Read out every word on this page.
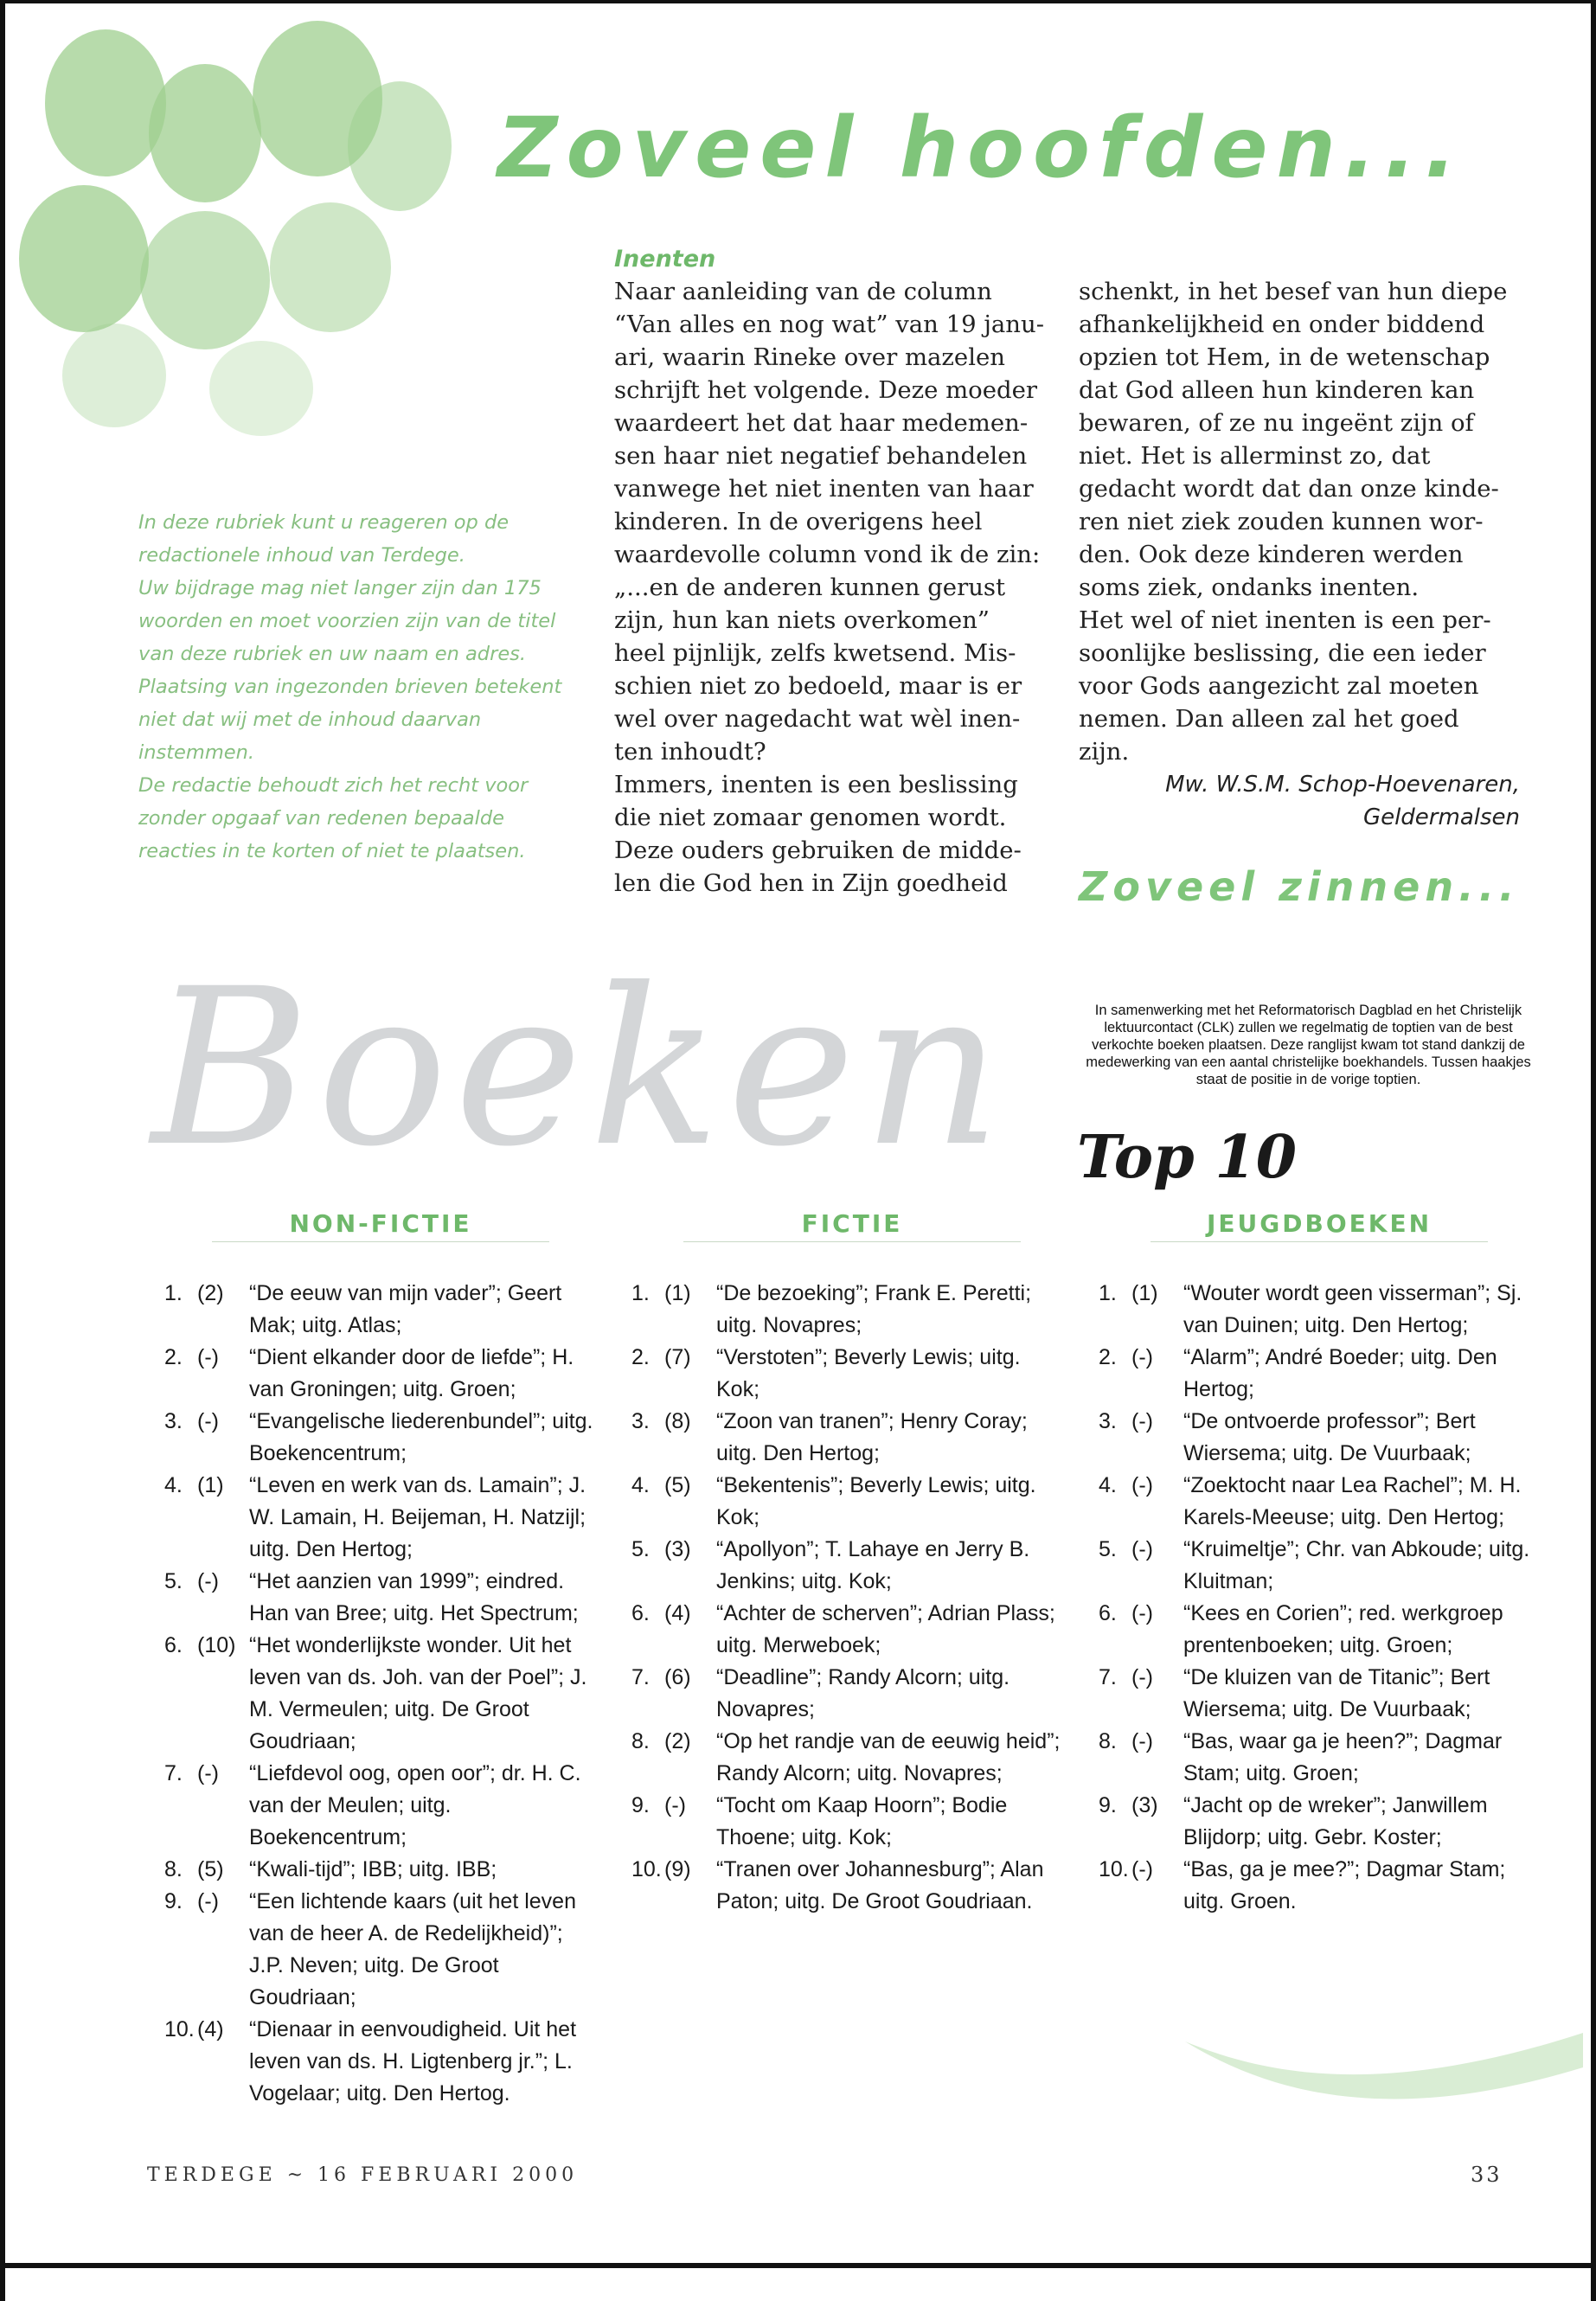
Zoveel hoofden...

In deze rubriek kunt u reageren op de redactionele inhoud van Terdege.

Uw bijdrage mag niet langer zijn dan 175 woorden en moet voorzien zijn van de titel van deze rubriek en uw naam en adres.

Plaatsing van ingezonden brieven betekent niet dat wij met de inhoud daarvan instemmen.

De redactie behoudt zich het recht voor zonder opgaaf van redenen bepaalde reacties in te korten of niet te plaatsen.

Inenten
Naar aanleiding van de column
“Van alles en nog wat” van 19 janu-
ari, waarin Rineke over mazelen
schrijft het volgende. Deze moeder
waardeert het dat haar medemen-
sen haar niet negatief behandelen
vanwege het niet inenten van haar
kinderen. In de overigens heel
waardevolle column vond ik de zin:
„...en de anderen kunnen gerust
zijn, hun kan niets overkomen”
heel pijnlijk, zelfs kwetsend. Mis-
schien niet zo bedoeld, maar is er
wel over nagedacht wat wèl inen-
ten inhoudt?
Immers, inenten is een beslissing
die niet zomaar genomen wordt.
Deze ouders gebruiken de midde-
len die God hen in Zijn goedheid
schenkt, in het besef van hun diepe
afhankelijkheid en onder biddend
opzien tot Hem, in de wetenschap
dat God alleen hun kinderen kan
bewaren, of ze nu ingeënt zijn of
niet. Het is allerminst zo, dat
gedacht wordt dat dan onze kinde-
ren niet ziek zouden kunnen wor-
den. Ook deze kinderen werden
soms ziek, ondanks inenten.
Het wel of niet inenten is een per-
soonlijke beslissing, die een ieder
voor Gods aangezicht zal moeten
nemen. Dan alleen zal het goed
zijn.
Mw. W.S.M. Schop-Hoevenaren,
Geldermalsen
Zoveel zinnen...
Boeken Top 10
In samenwerking met het Reformatorisch Dagblad en het Christelijk lektuurcontact (CLK) zullen we regelmatig de toptien van de best verkochte boeken plaatsen. Deze ranglijst kwam tot stand dankzij de medewerking van een aantal christelijke boekhandels. Tussen haakjes staat de positie in de vorige toptien.
NON-FICTIE	FICTIE	JEUGDBOEKEN
1. (2)	“De eeuw van mijn vader”; Geert Mak; uitg. Atlas;
2. (-)	“Dient elkander door de liefde”; H. van Groningen; uitg. Groen;
3. (-)	“Evangelische liederenbundel”; uitg. Boekencentrum;
4. (1)	“Leven en werk van ds. Lamain”; J. W. Lamain, H. Beijeman, H. Natzijl; uitg. Den Hertog;
5. (-)	“Het aanzien van 1999”; eindred. Han van Bree; uitg. Het Spectrum;
6. (10) “Het wonderlijkste wonder. Uit het leven van ds. Joh. van der Poel”; J. M. Vermeulen; uitg. De Groot Goudriaan;
7. (-)	“Liefdevol oog, open oor”; dr. H. C. van der Meulen; uitg. Boekencentrum;
8. (5)	“Kwali-tijd”; IBB; uitg. IBB;
9. (-)	“Een lichtende kaars (uit het leven van de heer A. de Redelijkheid)”; J.P. Neven; uitg. De Groot Goudriaan;
10. (4)	“Dienaar in eenvoudigheid. Uit het leven van ds. H. Ligtenberg jr.”; L. Vogelaar; uitg. Den Hertog.
1. (1)	“De bezoeking”; Frank E. Peretti; uitg. Novapres;
2. (7)	“Verstoten”; Beverly Lewis; uitg. Kok;
3. (8)	“Zoon van tranen”; Henry Coray; uitg. Den Hertog;
4. (5)	“Bekentenis”; Beverly Lewis; uitg. Kok;
5. (3)	“Apollyon”; T. Lahaye en Jerry B. Jenkins; uitg. Kok;
6. (4)	“Achter de scherven”; Adrian Plass; uitg. Merweboek;
7. (6)	“Deadline”; Randy Alcorn; uitg. Novapres;
8. (2)	“Op het randje van de eeuwig heid”; Randy Alcorn; uitg. Novapres;
9. (-)	“Tocht om Kaap Hoorn”; Bodie Thoene; uitg. Kok;
10. (9)	“Tranen over Johannesburg”; Alan Paton; uitg. De Groot Goudriaan.
1. (1)	“Wouter wordt geen visserman”; Sj. van Duinen; uitg. Den Hertog;
2. (-)	“Alarm”; André Boeder; uitg. Den Hertog;
3. (-)	“De ontvoerde professor”; Bert Wiersema; uitg. De Vuurbaak;
4. (-)	“Zoektocht naar Lea Rachel”; M. H. Karels-Meeuse; uitg. Den Hertog;
5. (-)	“Kruimeltje”; Chr. van Abkoude; uitg. Kluitman;
6. (-)	“Kees en Corien”; red. werkgroep prentenboeken; uitg. Groen;
7. (-)	“De kluizen van de Titanic”; Bert Wiersema; uitg. De Vuurbaak;
8. (-)	“Bas, waar ga je heen?”; Dagmar Stam; uitg. Groen;
9. (3)	“Jacht op de wreker”; Janwillem Blijdorp; uitg. Gebr. Koster;
10. (-)	“Bas, ga je mee?”; Dagmar Stam; uitg. Groen.
TERDEGE ~ 16 FEBRUARI 2000	33
